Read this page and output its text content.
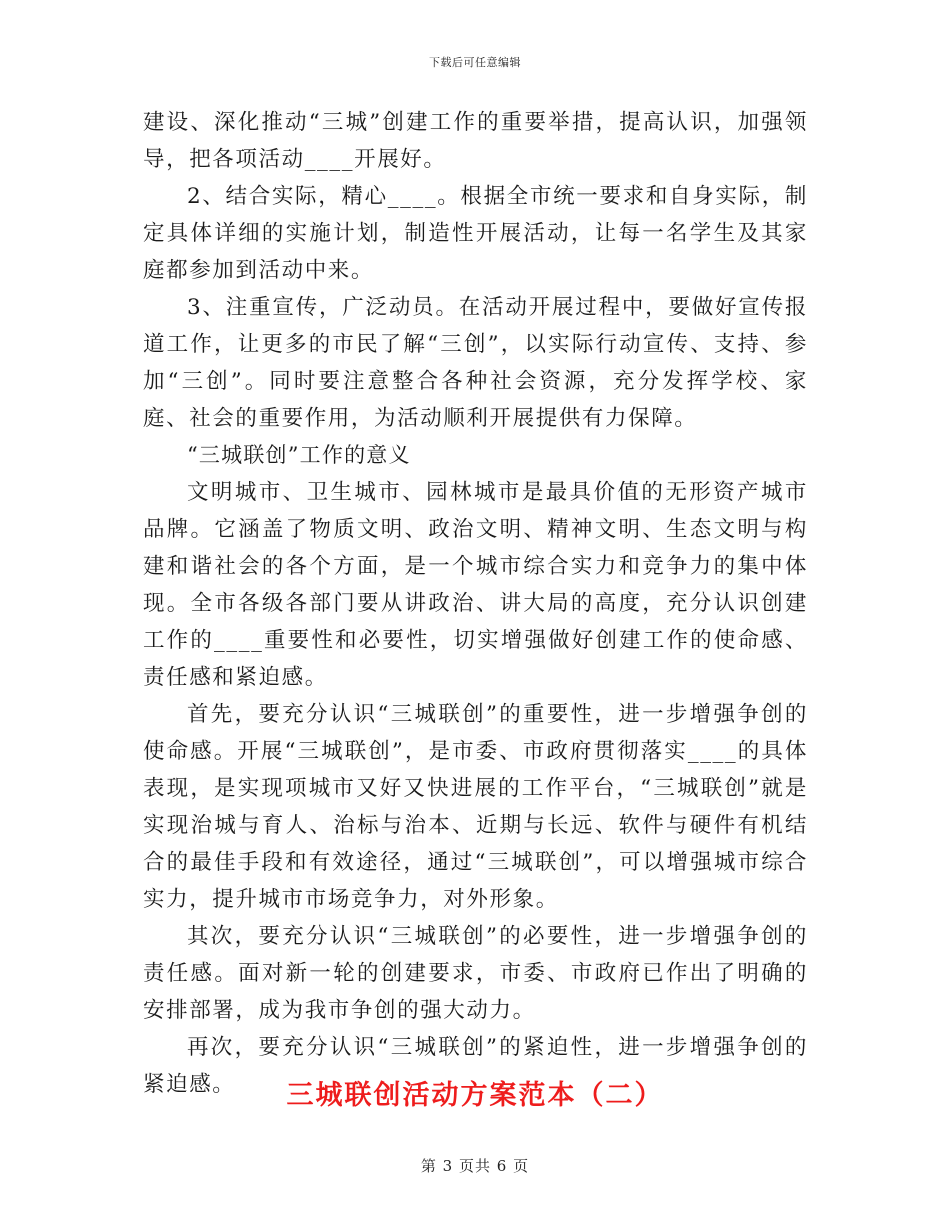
下载后可任意编辑

建设、深化推动“三城”创建工作的重要举措，提高认识，加强领导，把各项活动____开展好。

2、结合实际，精心____。根据全市统一要求和自身实际，制定具体详细的实施计划，制造性开展活动，让每一名学生及其家庭都参加到活动中来。

3、注重宣传，广泛动员。在活动开展过程中，要做好宣传报道工作，让更多的市民了解“三创”，以实际行动宣传、支持、参加“三创”。同时要注意整合各种社会资源，充分发挥学校、家庭、社会的重要作用，为活动顺利开展提供有力保障。

“三城联创”工作的意义

文明城市、卫生城市、园林城市是最具价值的无形资产城市品牌。它涵盖了物质文明、政治文明、精神文明、生态文明与构建和谐社会的各个方面，是一个城市综合实力和竞争力的集中体现。全市各级各部门要从讲政治、讲大局的高度，充分认识创建工作的____重要性和必要性，切实增强做好创建工作的使命感、责任感和紧迫感。

首先，要充分认识“三城联创”的重要性，进一步增强争创的使命感。开展“三城联创”，是市委、市政府贯彻落实____的具体表现，是实现项城市又好又快进展的工作平台，“三城联创”就是实现治城与育人、治标与治本、近期与长远、软件与硬件有机结合的最佳手段和有效途径，通过“三城联创”，可以增强城市综合实力，提升城市市场竞争力，对外形象。

其次，要充分认识“三城联创”的必要性，进一步增强争创的责任感。面对新一轮的创建要求，市委、市政府已作出了明确的安排部署，成为我市争创的强大动力。

再次，要充分认识“三城联创”的紧迫性，进一步增强争创的紧迫感。	三城联创活动方案范本（二）
第 3 页共 6 页
